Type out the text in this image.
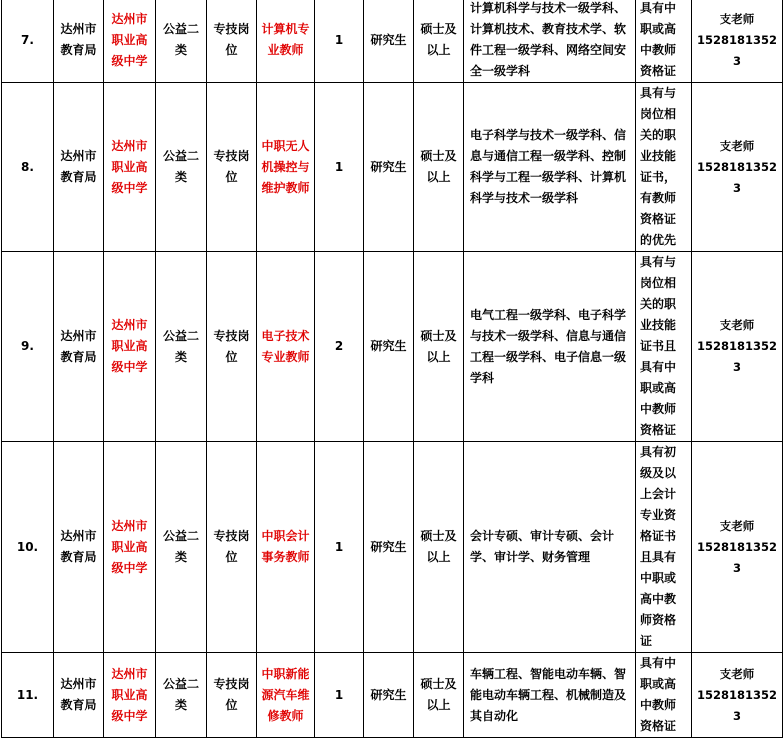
7.	达州市教育局	达州市职业高级中学	公益二类	专技岗位	计算机专业教师	1	研究生	硕士及以上	计算机科学与技术一级学科、计算机技术、教育技术学、软件工程一级学科、网络空间安全一级学科	具有中职或高中教师资格证	支老师
15281813523

8.	达州市教育局	达州市职业高级中学	公益二类	专技岗位	中职无人机操控与维护教师	1	研究生	硕士及以上	电子科学与技术一级学科、信息与通信工程一级学科、控制科学与工程一级学科、计算机科学与技术一级学科	具有与岗位相关的职业技能证书，有教师资格证的优先	支老师
15281813523

9.	达州市教育局	达州市职业高级中学	公益二类	专技岗位	电子技术专业教师	2	研究生	硕士及以上	电气工程一级学科、电子科学与技术一级学科、信息与通信工程一级学科、电子信息一级学科	具有与岗位相关的职业技能证书且具有中职或高中教师资格证	支老师
15281813523

10.	达州市教育局	达州市职业高级中学	公益二类	专技岗位	中职会计事务教师	1	研究生	硕士及以上	会计专硕、审计专硕、会计学、审计学、财务管理	具有初级及以上会计专业资格证书且具有中职或高中教师资格证	支老师
15281813523

11.	达州市教育局	达州市职业高级中学	公益二类	专技岗位	中职新能源汽车维修教师	1	研究生	硕士及以上	车辆工程、智能电动车辆、智能电动车辆工程、机械制造及其自动化	具有中职或高中教师资格证	支老师
15281813523
